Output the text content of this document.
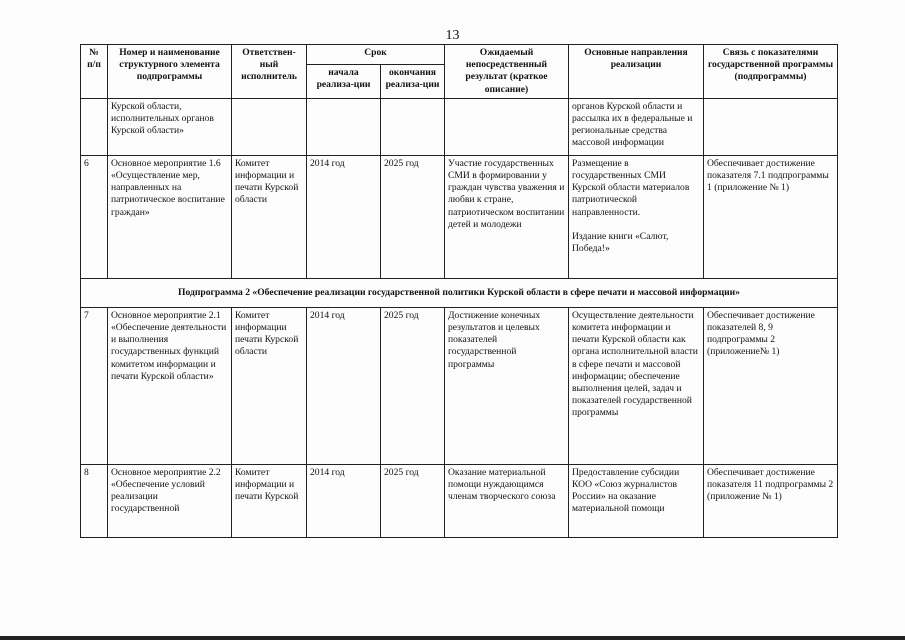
13
№ п/п	Номер и наименование структурного элемента подпрограммы	Ответствен-ный исполнитель	Срок		Ожидаемый непосредственный результат (краткое описание)	Основные направления реализации	Связь с показателями государственной программы (подпрограммы)
			начала реализа-ции	окончания реализа-ции			
	Курской области, исполнительных органов Курской области»					органов Курской области и рассылка их в федеральные и региональные средства массовой информации	
6	Основное мероприятие 1.6 «Осуществление мер, направленных на патриотическое воспитание граждан»	Комитет информации и печати Курской области	2014 год	2025 год	Участие государственных СМИ в формировании у граждан чувства уважения и любви к стране, патриотическом воспитании детей и молодежи	Размещение в государственных СМИ Курской области материалов патриотической направленности.
Издание книги «Салют, Победа!»	Обеспечивает достижение показателя 7.1 подпрограммы 1 (приложение № 1)
Подпрограмма 2 «Обеспечение реализации государственной политики Курской области в сфере печати и массовой информации»							
7	Основное мероприятие 2.1 «Обеспечение деятельности и выполнения государственных функций комитетом информации и печати Курской области»	Комитет информации печати Курской области	2014 год	2025 год	Достижение конечных результатов и целевых показателей государственной программы	Осуществление деятельности комитета информации и печати Курской области как органа исполнительной власти в сфере печати и массовой информации; обеспечение выполнения целей, задач и показателей государственной программы	Обеспечивает достижение показателей 8, 9 подпрограммы 2 (приложение№ 1)
8	Основное мероприятие 2.2 «Обеспечение условий реализации государственной	Комитет информации и печати Курской	2014 год	2025 год	Оказание материальной помощи нуждающимся членам творческого союза	Предоставление субсидии КОО «Союз журналистов России» на оказание материальной помощи	Обеспечивает достижение показателя 11 подпрограммы 2 (приложение № 1)
